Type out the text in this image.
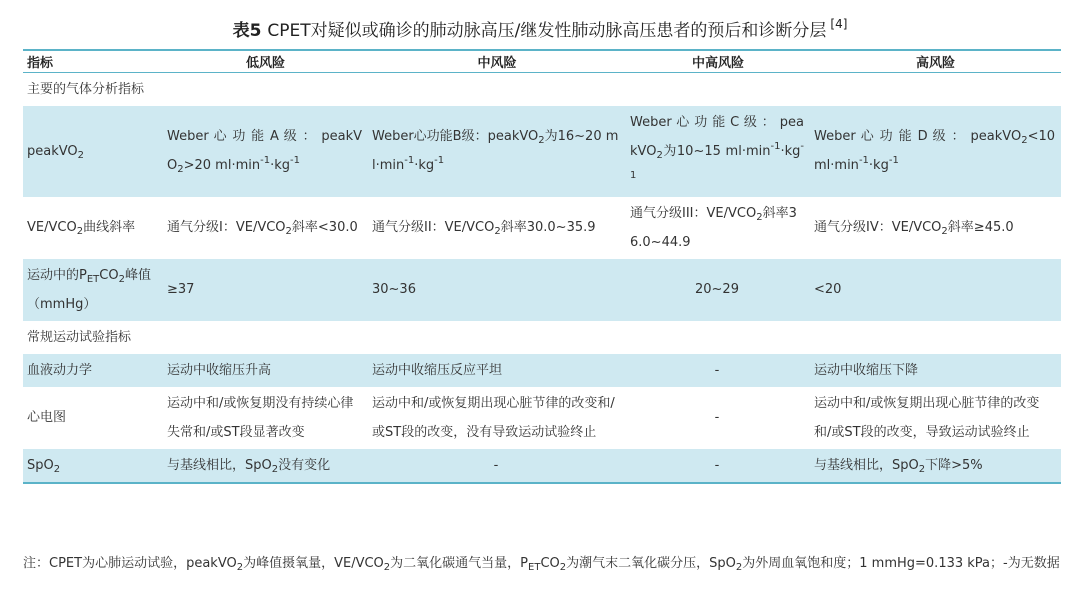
表5 CPET对疑似或确诊的肺动脉高压/继发性肺动脉高压患者的预后和诊断分层 [4]
指标	低风险	中风险	中高风险	高风险
主要的气体分析指标				
peakVO$_2$	Weber 心 功 能 A 级 ： peakVO$_2$>20 $ml\cdot\min^{-1}\cdot kg^{-1}$	Weber心功能B级：peakVO$_2$为16~20 $ml\cdot\min^{-1}\cdot kg^{-1}$	Weber 心 功 能 C 级 ： peakVO$_2$为10~15 $ml\cdot\min^{-1}\cdot kg^{-1}$	Weber 心 功 能 D 级 ： peakVO$_2$<10 $ml\cdot\min^{-1}\cdot kg^{-1}$
$VE/VCO_2$曲线斜率	通气分级I：$VE/VCO_2$斜率<30.0	通气分级II：$VE/VCO_2$斜率30.0~35.9	通气分级III：$VE/VCO_2$斜率36.0~44.9	通气分级IV：$VE/VCO_2$斜率≥45.0
运动中的$P_{ET}CO_2$峰值（mmHg）	≥37	30~36	20~29	<20
常规运动试验指标				
血液动力学	运动中收缩压升高	运动中收缩压反应平坦	-	运动中收缩压下降
心电图	运动中和/或恢复期没有持续心律失常和/或ST段显著改变	运动中和/或恢复期出现心脏节律的改变和/或ST段的改变，没有导致运动试验终止	-	运动中和/或恢复期出现心脏节律的改变和/或ST段的改变，导致运动试验终止
SpO$_2$	与基线相比，SpO$_2$没有变化	-	-	与基线相比，SpO$_2$下降>5%
注：CPET为心肺运动试验，peakVO$_2$为峰值摄氧量，$VE/VCO_2$为二氧化碳通气当量，$P_{ET}CO_2$为潮气末二氧化碳分压，SpO$_2$为外周血氧饱和度；1 mmHg=0.133 kPa；-为无数据
